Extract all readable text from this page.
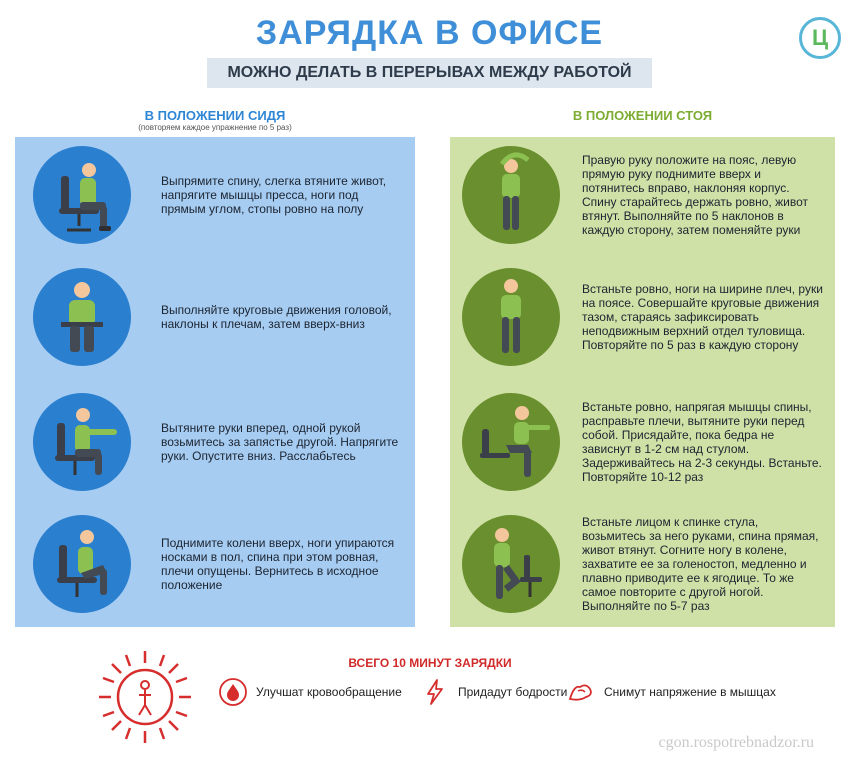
ЗАРЯДКА В ОФИСЕ
МОЖНО ДЕЛАТЬ В ПЕРЕРЫВАХ МЕЖДУ РАБОТОЙ
Ц
В ПОЛОЖЕНИИ СИДЯ
(повторяем каждое упражнение по 5 раз)
В ПОЛОЖЕНИИ СТОЯ
Выпрямите спину, слегка втяните живот, напрягите мышцы пресса, ноги под прямым углом, стопы ровно на полу
Выполняйте круговые движения головой, наклоны к плечам, затем вверх-вниз
Вытяните руки вперед, одной рукой возьмитесь за запястье другой. Напрягите руки. Опустите вниз. Расслабьтесь
Поднимите колени вверх, ноги упираются носками в пол, спина при этом ровная, плечи опущены. Вернитесь в исходное положение
Правую руку положите на пояс, левую прямую руку поднимите вверх и потянитесь вправо, наклоняя корпус. Спину старайтесь держать ровно, живот втянут. Выполняйте по 5 наклонов в каждую сторону, затем поменяйте руки
Встаньте ровно, ноги на ширине плеч, руки на поясе. Совершайте круговые движения тазом, стараясь зафиксировать неподвижным верхний отдел туловища. Повторяйте по 5 раз в каждую сторону
Встаньте ровно, напрягая мышцы спины, расправьте плечи, вытяните руки перед собой. Присядайте, пока бедра не зависнут в 1-2 см над стулом. Задерживайтесь на 2-3 секунды. Встаньте. Повторяйте 10-12 раз
Встаньте лицом к спинке стула, возьмитесь за него руками, спина прямая, живот втянут. Согните ногу в колене, захватите ее за голеностоп, медленно и плавно приводите ее к ягодице. То же самое повторите с другой ногой. Выполняйте по 5-7 раз
ВСЕГО 10 МИНУТ ЗАРЯДКИ
Улучшат кровообращение	Придадут бодрости	Снимут напряжение в мышцах
cgon.rospotrebnadzor.ru
